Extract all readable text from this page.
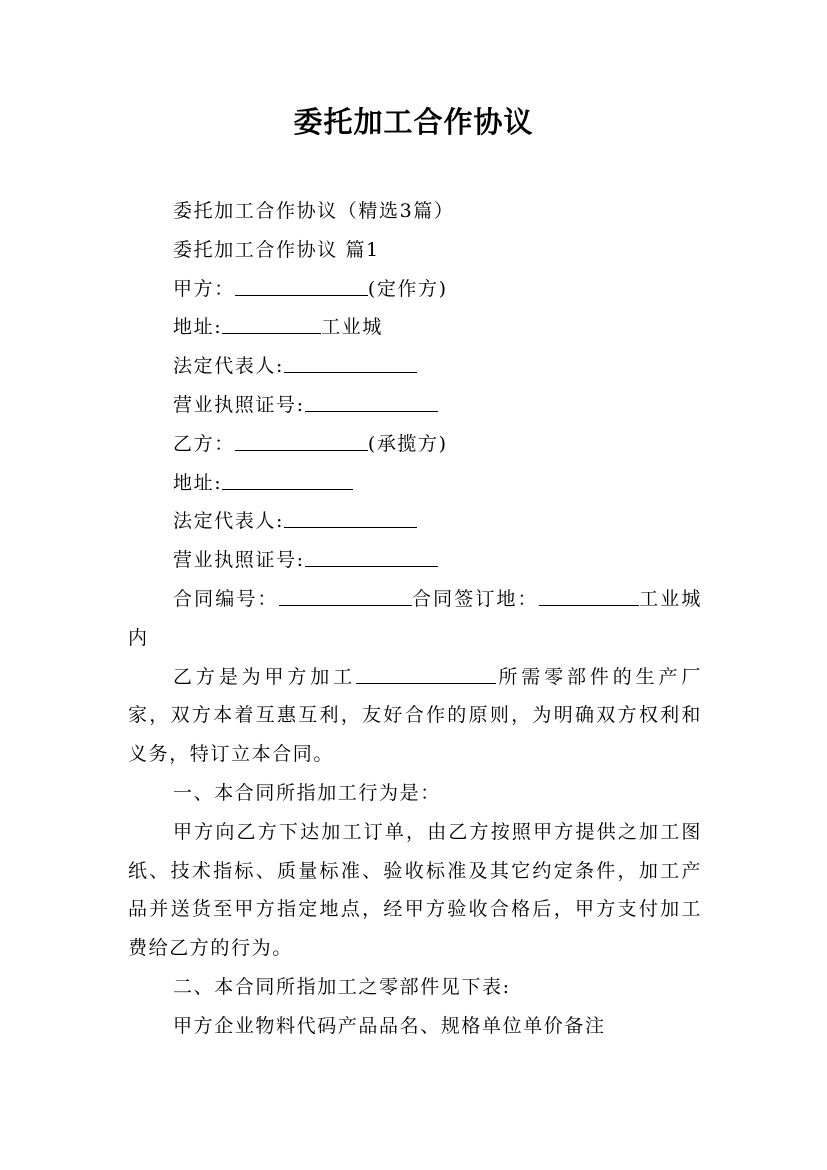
委托加工合作协议

委托加工合作协议（精选3篇）

委托加工合作协议 篇1

甲方：	(定作方)

地址:	工业城

法定代表人:

营业执照证号:

乙方：	(承揽方)

地址:

法定代表人:

营业执照证号:

合同编号：	合同签订地：	工业城内

乙方是为甲方加工	所需零部件的生产厂家，双方本着互惠互利，友好合作的原则，为明确双方权利和义务，特订立本合同。

一、本合同所指加工行为是：

甲方向乙方下达加工订单，由乙方按照甲方提供之加工图纸、技术指标、质量标准、验收标准及其它约定条件，加工产品并送货至甲方指定地点，经甲方验收合格后，甲方支付加工费给乙方的行为。

二、本合同所指加工之零部件见下表:

甲方企业物料代码产品品名、规格单位单价备注
